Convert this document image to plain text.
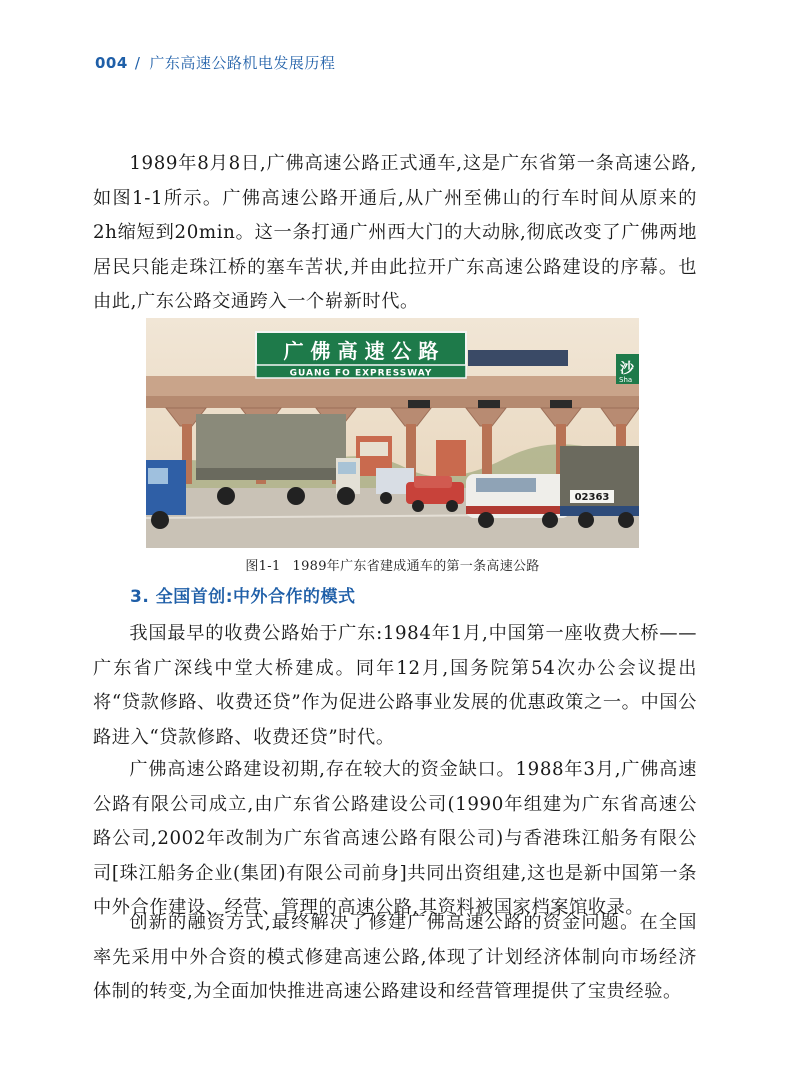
004 / 广东高速公路机电发展历程

1989年8月8日,广佛高速公路正式通车,这是广东省第一条高速公路,如图1-1所示。广佛高速公路开通后,从广州至佛山的行车时间从原来的2h缩短到20min。这一条打通广州西大门的大动脉,彻底改变了广佛两地居民只能走珠江桥的塞车苦状,并由此拉开广东高速公路建设的序幕。也由此,广东公路交通跨入一个崭新时代。

广 佛 高 速 公 路
GUANG FO EXPRESSWAY	沙
Sha
02363
图1-1 1989年广东省建成通车的第一条高速公路
3. 全国首创:中外合作的模式

我国最早的收费公路始于广东:1984年1月,中国第一座收费大桥——广东省广深线中堂大桥建成。同年12月,国务院第54次办公会议提出将“贷款修路、收费还贷”作为促进公路事业发展的优惠政策之一。中国公路进入“贷款修路、收费还贷”时代。

广佛高速公路建设初期,存在较大的资金缺口。1988年3月,广佛高速公路有限公司成立,由广东省公路建设公司(1990年组建为广东省高速公路公司,2002年改制为广东省高速公路有限公司)与香港珠江船务有限公司[珠江船务企业(集团)有限公司前身]共同出资组建,这也是新中国第一条中外合作建设、经营、管理的高速公路,其资料被国家档案馆收录。

创新的融资方式,最终解决了修建广佛高速公路的资金问题。在全国率先采用中外合资的模式修建高速公路,体现了计划经济体制向市场经济体制的转变,为全面加快推进高速公路建设和经营管理提供了宝贵经验。
